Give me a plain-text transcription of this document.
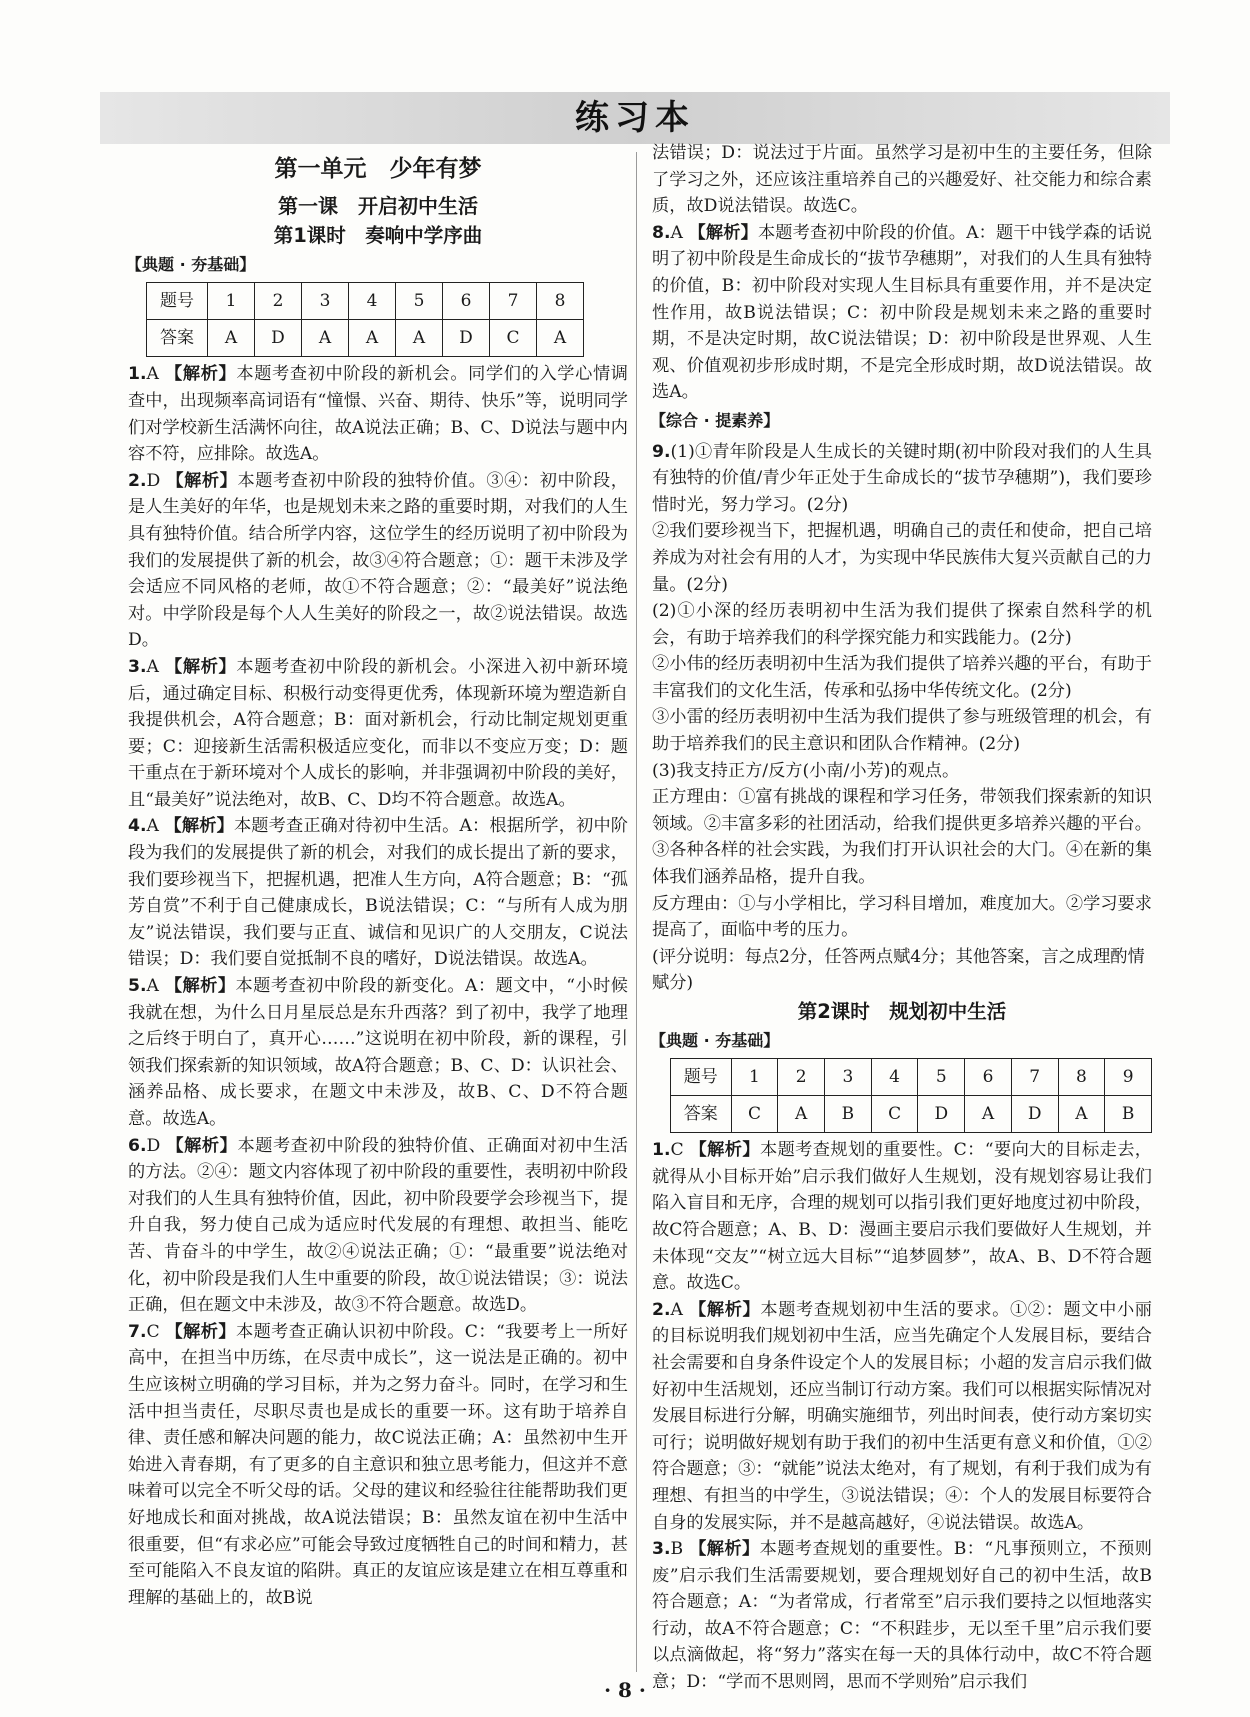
练习本
第一单元　少年有梦
第一课　开启初中生活
第1课时　奏响中学序曲
【典题 · 夯基础】
题号	1	2	3	4	5	6	7	8
答案	A	D	A	A	A	D	C	A

1.A 【解析】本题考查初中阶段的新机会。同学们的入学心情调查中，出现频率高词语有“憧憬、兴奋、期待、快乐”等，说明同学们对学校新生活满怀向往，故A说法正确；B、C、D说法与题中内容不符，应排除。故选A。

2.D 【解析】本题考查初中阶段的独特价值。③④：初中阶段，是人生美好的年华，也是规划未来之路的重要时期，对我们的人生具有独特价值。结合所学内容，这位学生的经历说明了初中阶段为我们的发展提供了新的机会，故③④符合题意；①：题干未涉及学会适应不同风格的老师，故①不符合题意；②：“最美好”说法绝对。中学阶段是每个人人生美好的阶段之一，故②说法错误。故选D。

3.A 【解析】本题考查初中阶段的新机会。小深进入初中新环境后，通过确定目标、积极行动变得更优秀，体现新环境为塑造新自我提供机会，A符合题意；B：面对新机会，行动比制定规划更重要；C：迎接新生活需积极适应变化，而非以不变应万变；D：题干重点在于新环境对个人成长的影响，并非强调初中阶段的美好，且“最美好”说法绝对，故B、C、D均不符合题意。故选A。

4.A 【解析】本题考查正确对待初中生活。A：根据所学，初中阶段为我们的发展提供了新的机会，对我们的成长提出了新的要求，我们要珍视当下，把握机遇，把准人生方向，A符合题意；B：“孤芳自赏”不利于自己健康成长，B说法错误；C：“与所有人成为朋友”说法错误，我们要与正直、诚信和见识广的人交朋友，C说法错误；D：我们要自觉抵制不良的嗜好，D说法错误。故选A。

5.A 【解析】本题考查初中阶段的新变化。A：题文中，“小时候我就在想，为什么日月星辰总是东升西落？到了初中，我学了地理之后终于明白了，真开心……”这说明在初中阶段，新的课程，引领我们探索新的知识领域，故A符合题意；B、C、D：认识社会、涵养品格、成长要求，在题文中未涉及，故B、C、D不符合题意。故选A。

6.D 【解析】本题考查初中阶段的独特价值、正确面对初中生活的方法。②④：题文内容体现了初中阶段的重要性，表明初中阶段对我们的人生具有独特价值，因此，初中阶段要学会珍视当下，提升自我，努力使自己成为适应时代发展的有理想、敢担当、能吃苦、肯奋斗的中学生，故②④说法正确；①：“最重要”说法绝对化，初中阶段是我们人生中重要的阶段，故①说法错误；③：说法正确，但在题文中未涉及，故③不符合题意。故选D。

7.C 【解析】本题考查正确认识初中阶段。C：“我要考上一所好高中，在担当中历练，在尽责中成长”，这一说法是正确的。初中生应该树立明确的学习目标，并为之努力奋斗。同时，在学习和生活中担当责任，尽职尽责也是成长的重要一环。这有助于培养自律、责任感和解决问题的能力，故C说法正确；A：虽然初中生开始进入青春期，有了更多的自主意识和独立思考能力，但这并不意味着可以完全不听父母的话。父母的建议和经验往往能帮助我们更好地成长和面对挑战，故A说法错误；B：虽然友谊在初中生活中很重要，但“有求必应”可能会导致过度牺牲自己的时间和精力，甚至可能陷入不良友谊的陷阱。真正的友谊应该是建立在相互尊重和理解的基础上的，故B说

法错误；D：说法过于片面。虽然学习是初中生的主要任务，但除了学习之外，还应该注重培养自己的兴趣爱好、社交能力和综合素质，故D说法错误。故选C。

8.A 【解析】本题考查初中阶段的价值。A：题干中钱学森的话说明了初中阶段是生命成长的“拔节孕穗期”，对我们的人生具有独特的价值，B：初中阶段对实现人生目标具有重要作用，并不是决定性作用，故B说法错误；C：初中阶段是规划未来之路的重要时期，不是决定时期，故C说法错误；D：初中阶段是世界观、人生观、价值观初步形成时期，不是完全形成时期，故D说法错误。故选A。

【综合 · 提素养】

9.(1)①青年阶段是人生成长的关键时期(初中阶段对我们的人生具有独特的价值/青少年正处于生命成长的“拔节孕穗期”)，我们要珍惜时光，努力学习。(2分)

②我们要珍视当下，把握机遇，明确自己的责任和使命，把自己培养成为对社会有用的人才，为实现中华民族伟大复兴贡献自己的力量。(2分)

(2)①小深的经历表明初中生活为我们提供了探索自然科学的机会，有助于培养我们的科学探究能力和实践能力。(2分)

②小伟的经历表明初中生活为我们提供了培养兴趣的平台，有助于丰富我们的文化生活，传承和弘扬中华传统文化。(2分)

③小雷的经历表明初中生活为我们提供了参与班级管理的机会，有助于培养我们的民主意识和团队合作精神。(2分)

(3)我支持正方/反方(小南/小芳)的观点。

正方理由：①富有挑战的课程和学习任务，带领我们探索新的知识领域。②丰富多彩的社团活动，给我们提供更多培养兴趣的平台。③各种各样的社会实践，为我们打开认识社会的大门。④在新的集体我们涵养品格，提升自我。

反方理由：①与小学相比，学习科目增加，难度加大。②学习要求提高了，面临中考的压力。

(评分说明：每点2分，任答两点赋4分；其他答案，言之成理酌情赋分)

第2课时　规划初中生活
【典题 · 夯基础】
题号	1	2	3	4	5	6	7	8	9
答案	C	A	B	C	D	A	D	A	B

1.C 【解析】本题考查规划的重要性。C：“要向大的目标走去，就得从小目标开始”启示我们做好人生规划，没有规划容易让我们陷入盲目和无序，合理的规划可以指引我们更好地度过初中阶段，故C符合题意；A、B、D：漫画主要启示我们要做好人生规划，并未体现“交友”“树立远大目标”“追梦圆梦”，故A、B、D不符合题意。故选C。

2.A 【解析】本题考查规划初中生活的要求。①②：题文中小丽的目标说明我们规划初中生活，应当先确定个人发展目标，要结合社会需要和自身条件设定个人的发展目标；小超的发言启示我们做好初中生活规划，还应当制订行动方案。我们可以根据实际情况对发展目标进行分解，明确实施细节，列出时间表，使行动方案切实可行；说明做好规划有助于我们的初中生活更有意义和价值，①②符合题意；③：“就能”说法太绝对，有了规划，有利于我们成为有理想、有担当的中学生，③说法错误；④：个人的发展目标要符合自身的发展实际，并不是越高越好，④说法错误。故选A。

3.B 【解析】本题考查规划的重要性。B：“凡事预则立，不预则废”启示我们生活需要规划，要合理规划好自己的初中生活，故B符合题意；A：“为者常成，行者常至”启示我们要持之以恒地落实行动，故A不符合题意；C：“不积跬步，无以至千里”启示我们要以点滴做起，将“努力”落实在每一天的具体行动中，故C不符合题意；D：“学而不思则罔，思而不学则殆”启示我们

· 8 ·
